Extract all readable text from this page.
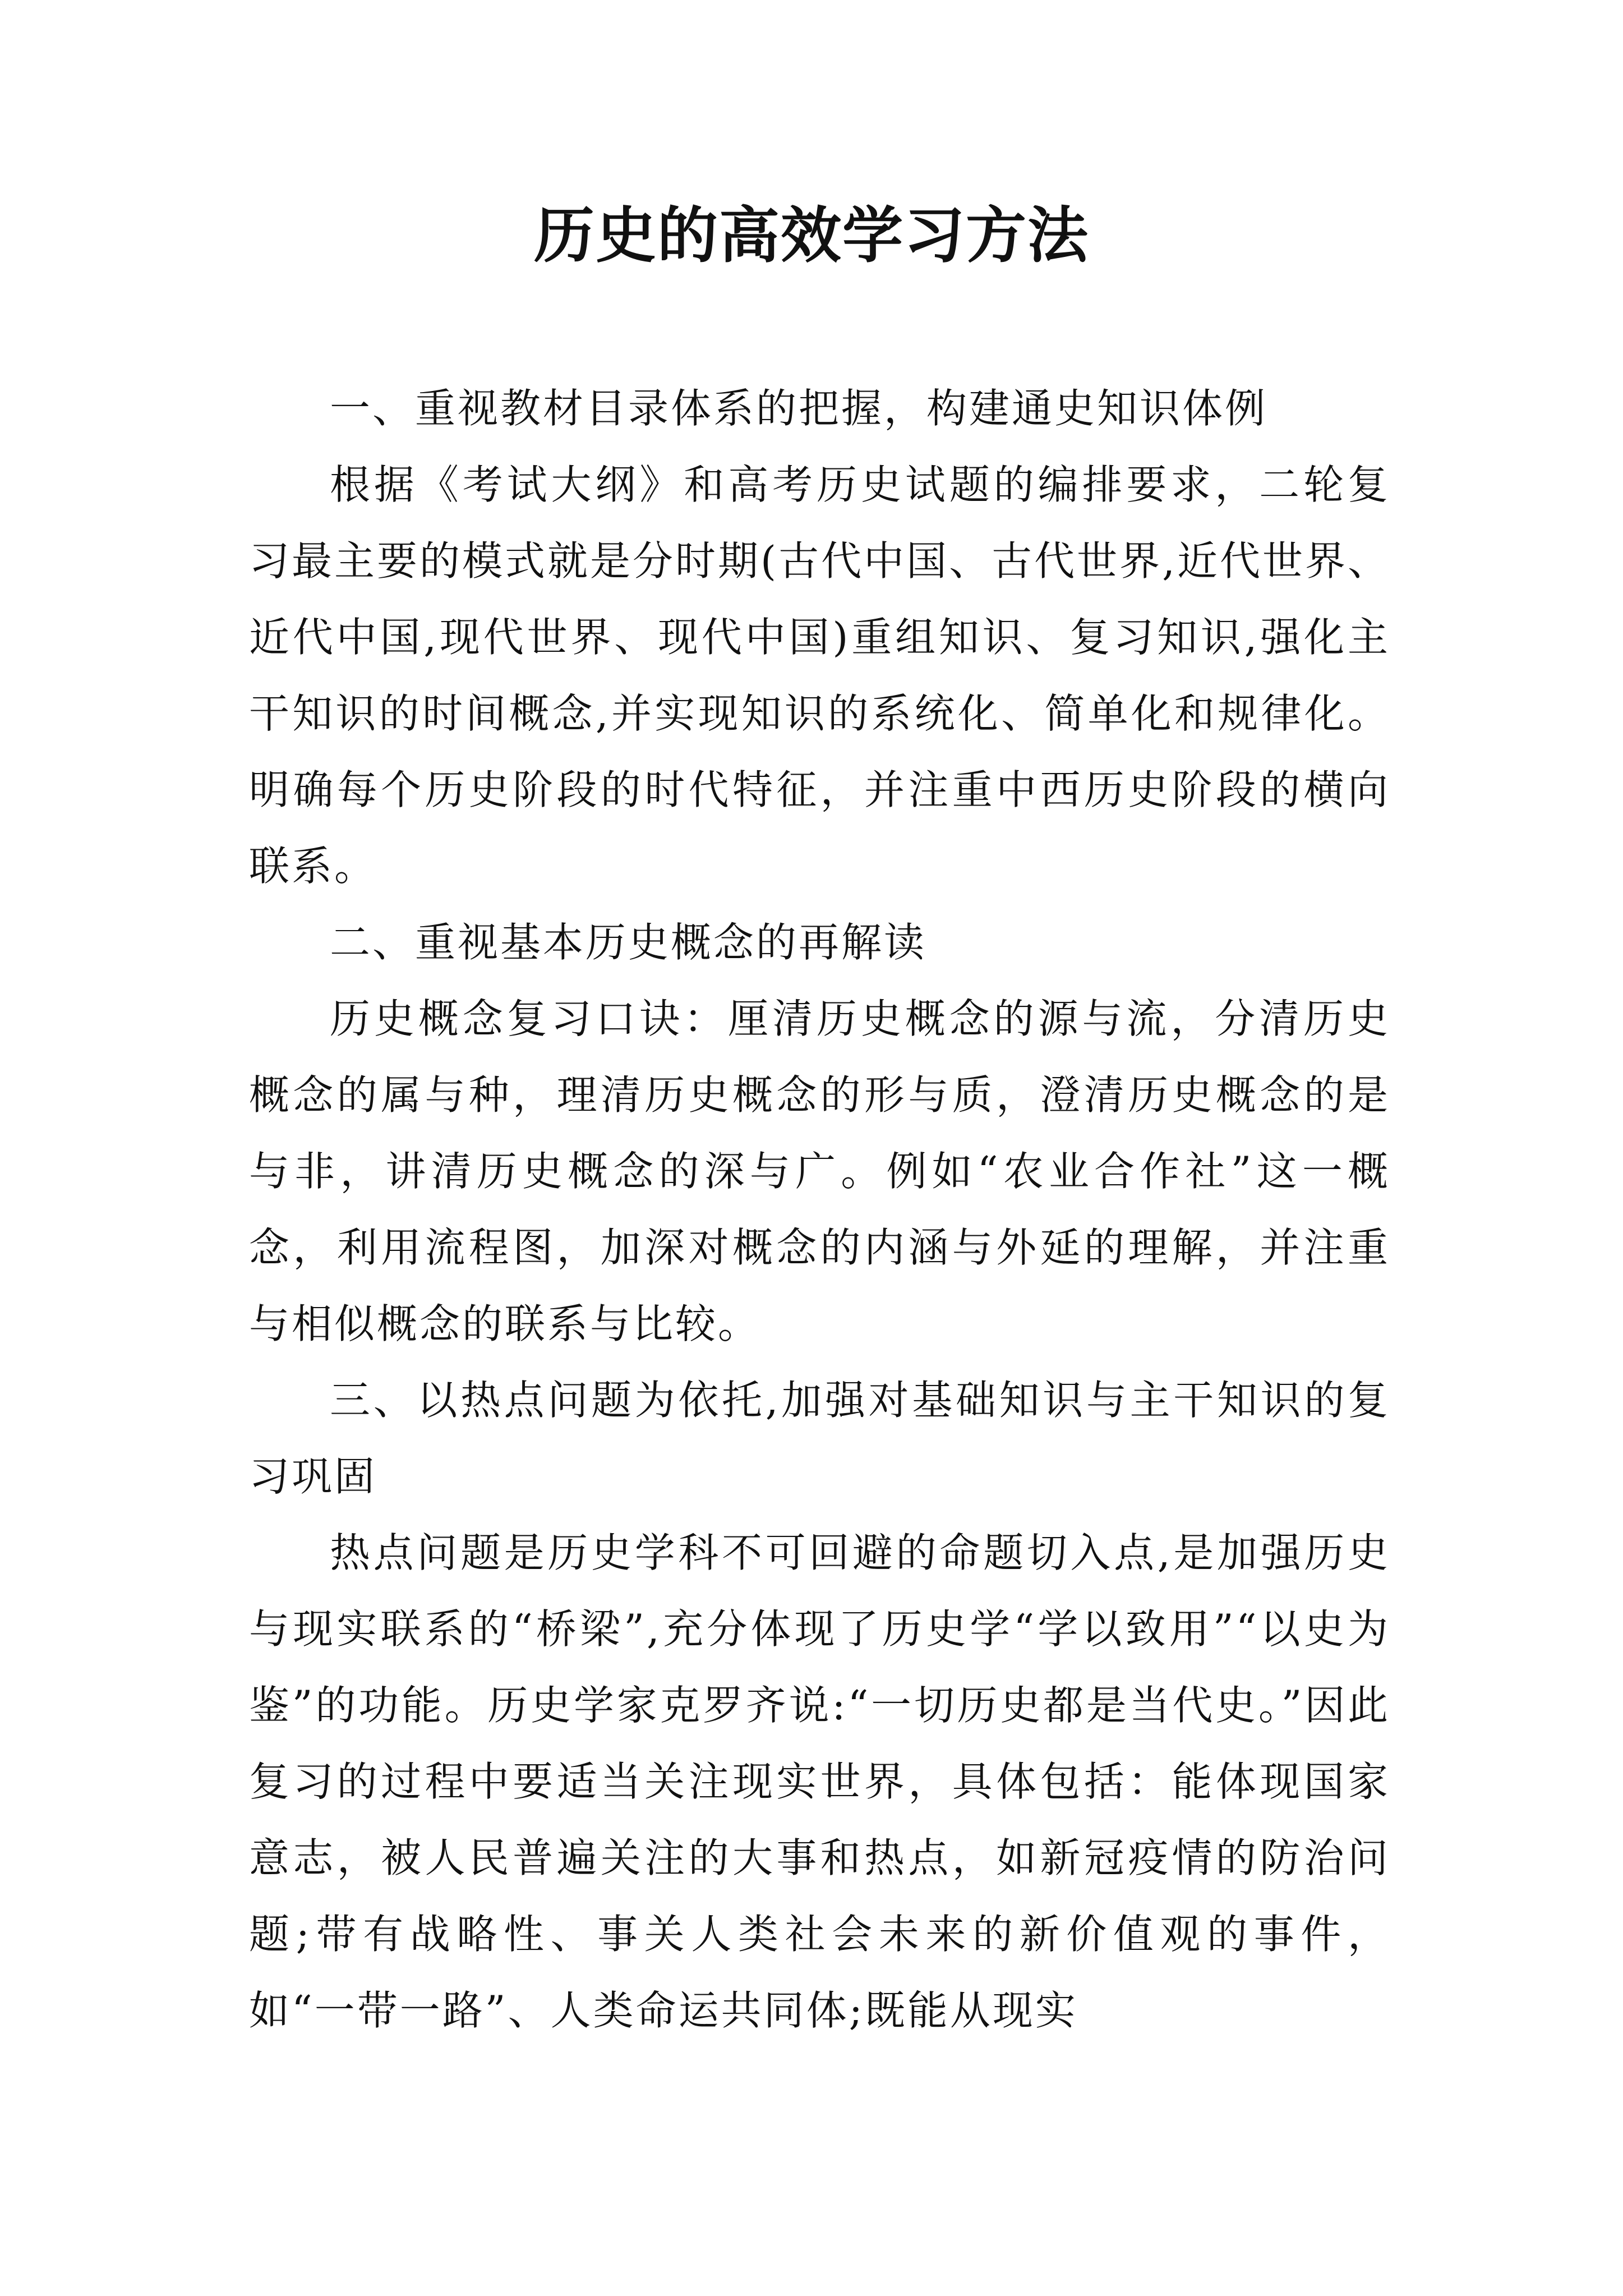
历史的高效学习方法

一、重视教材目录体系的把握，构建通史知识体例

根据《考试大纲》和高考历史试题的编排要求，二轮复习最主要的模式就是分时期(古代中国、古代世界,近代世界、近代中国,现代世界、现代中国)重组知识、复习知识,强化主干知识的时间概念,并实现知识的系统化、简单化和规律化。明确每个历史阶段的时代特征，并注重中西历史阶段的横向联系。

二、重视基本历史概念的再解读

历史概念复习口诀：厘清历史概念的源与流，分清历史概念的属与种，理清历史概念的形与质，澄清历史概念的是与非，讲清历史概念的深与广。例如“农业合作社”这一概念，利用流程图，加深对概念的内涵与外延的理解，并注重与相似概念的联系与比较。

三、以热点问题为依托,加强对基础知识与主干知识的复习巩固

热点问题是历史学科不可回避的命题切入点,是加强历史与现实联系的“桥梁”,充分体现了历史学“学以致用”“以史为鉴”的功能。历史学家克罗齐说:“一切历史都是当代史。”因此复习的过程中要适当关注现实世界，具体包括：能体现国家意志，被人民普遍关注的大事和热点，如新冠疫情的防治问题;带有战略性、事关人类社会未来的新价值观的事件，如“一带一路”、人类命运共同体;既能从现实
